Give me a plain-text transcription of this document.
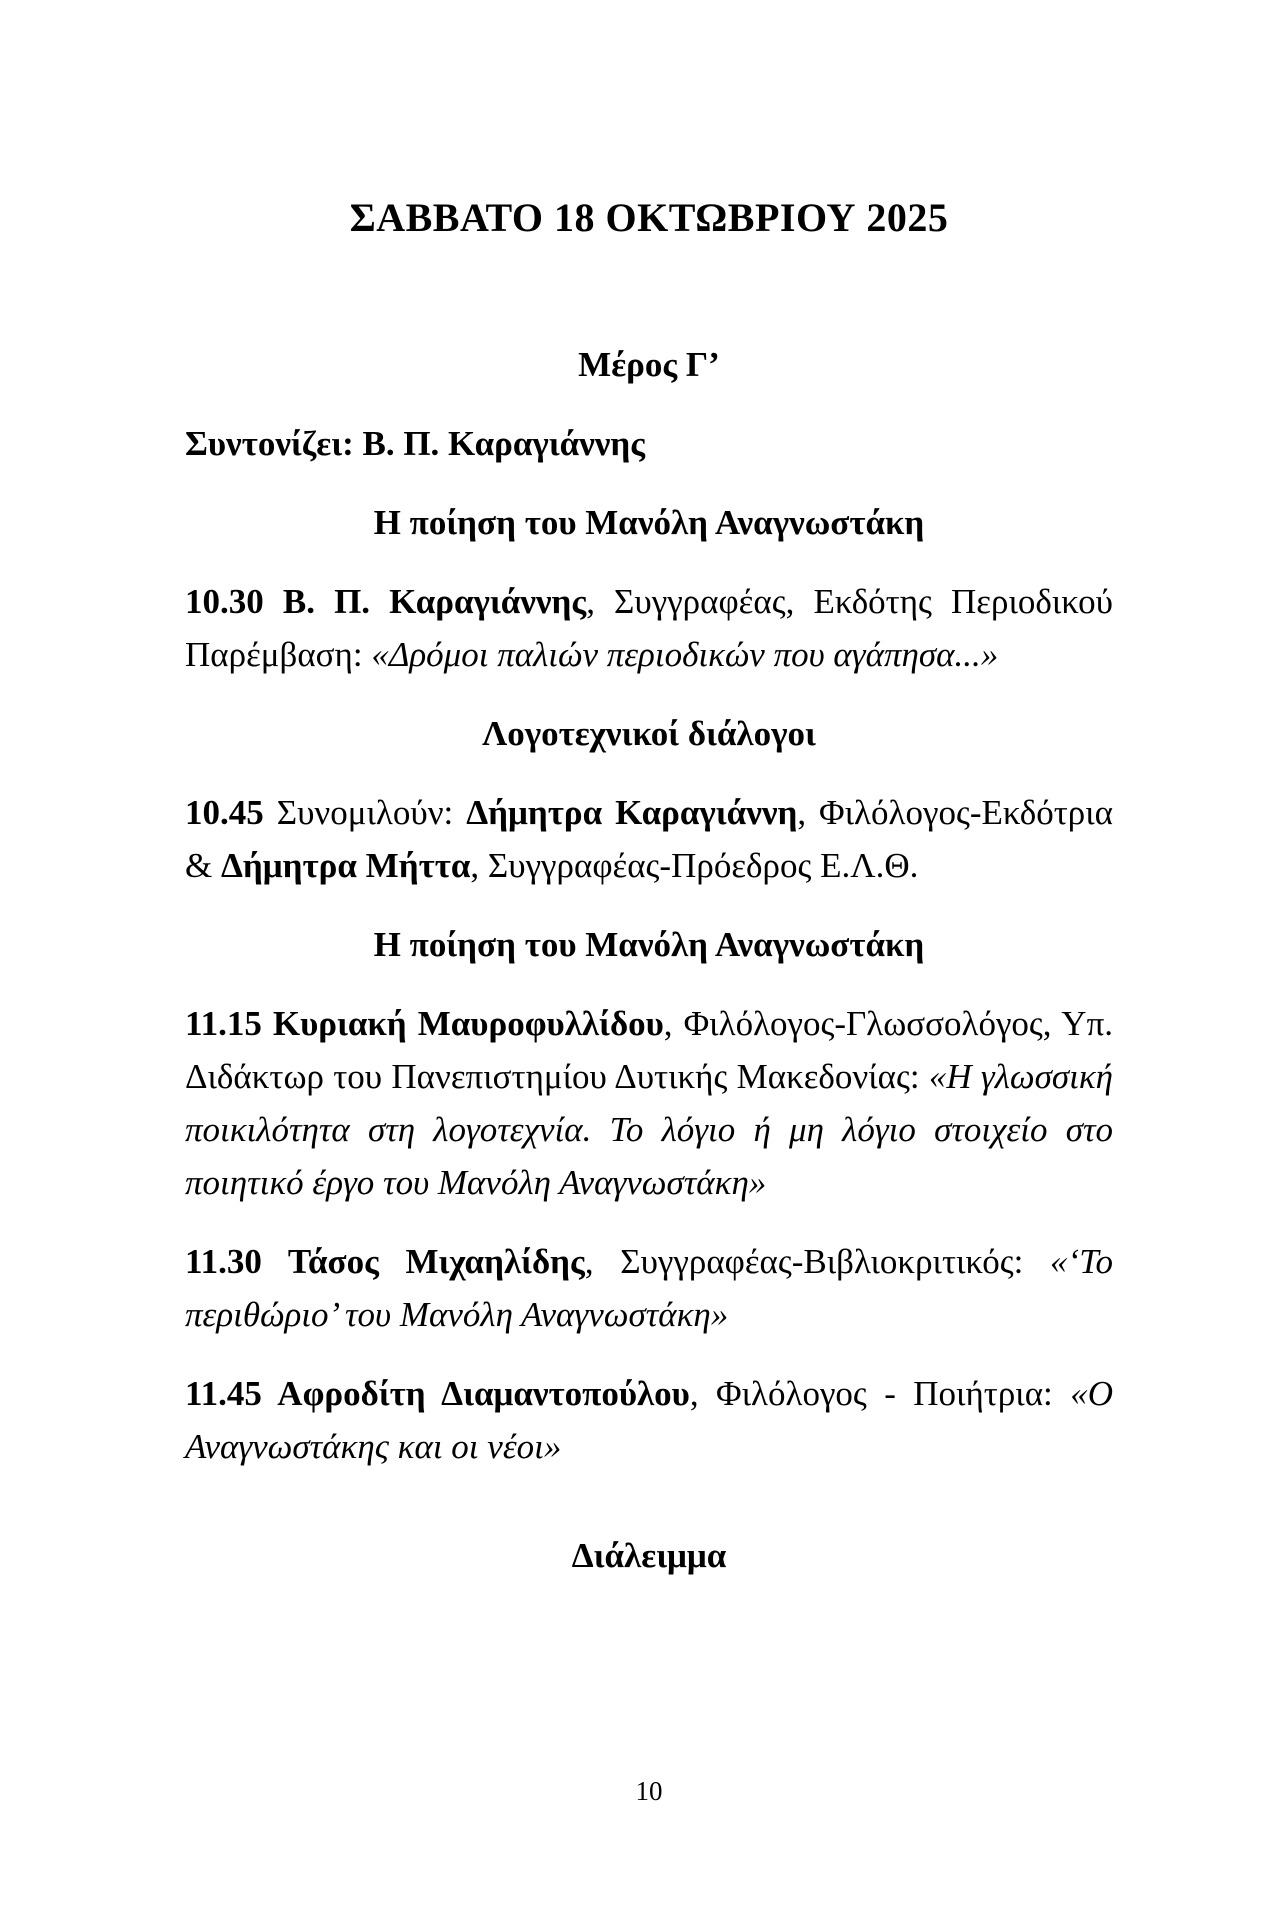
ΣΑΒΒΑΤΟ 18 ΟΚΤΩΒΡΙΟΥ 2025
Μέρος Γ’
Συντονίζει: Β. Π. Καραγιάννης
Η ποίηση του Μανόλη Αναγνωστάκη

10.30 Β. Π. Καραγιάννης, Συγγραφέας, Εκδότης Περιοδικού Παρέμβαση: «Δρόμοι παλιών περιοδικών που αγάπησα...»

Λογοτεχνικοί διάλογοι

10.45 Συνομιλούν: Δήμητρα Καραγιάννη, Φιλόλογος-Εκδότρια & Δήμητρα Μήττα, Συγγραφέας-Πρόεδρος Ε.Λ.Θ.

Η ποίηση του Μανόλη Αναγνωστάκη

11.15 Κυριακή Μαυροφυλλίδου, Φιλόλογος-Γλωσσολόγος, Υπ. Διδάκτωρ του Πανεπιστημίου Δυτικής Μακεδονίας: «Η γλωσσική ποικιλότητα στη λογοτεχνία. Το λόγιο ή μη λόγιο στοιχείο στο ποιητικό έργο του Μανόλη Αναγνωστάκη»

11.30 Τάσος Μιχαηλίδης, Συγγραφέας-Βιβλιοκριτικός: «‘Το περιθώριο’ του Μανόλη Αναγνωστάκη»

11.45 Αφροδίτη Διαμαντοπούλου, Φιλόλογος - Ποιήτρια: «Ο Αναγνωστάκης και οι νέοι»

Διάλειμμα
10
